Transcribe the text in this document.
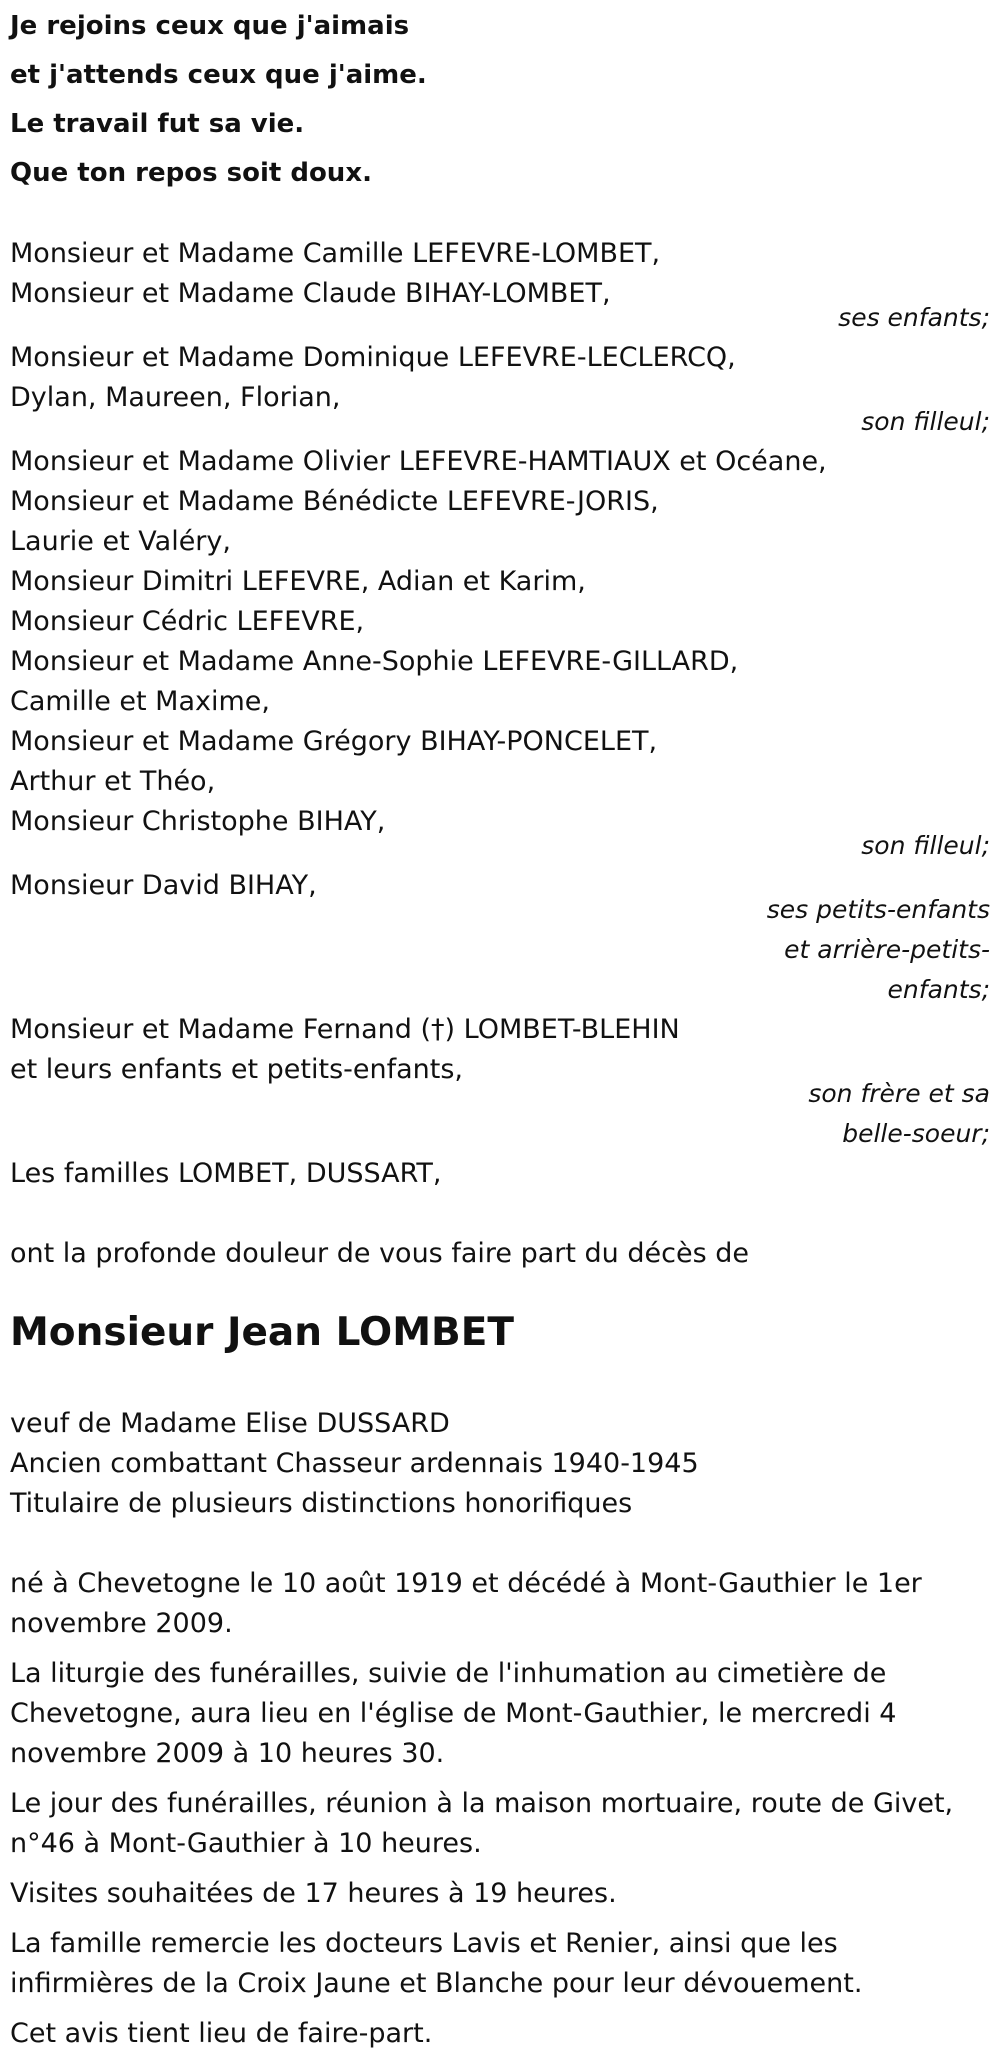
Je rejoins ceux que j'aimais
et j'attends ceux que j'aime.
Le travail fut sa vie.
Que ton repos soit doux.
Monsieur et Madame Camille LEFEVRE-LOMBET,
Monsieur et Madame Claude BIHAY-LOMBET,
ses enfants;
Monsieur et Madame Dominique LEFEVRE-LECLERCQ,
Dylan, Maureen, Florian,
son filleul;
Monsieur et Madame Olivier LEFEVRE-HAMTIAUX et Océane,
Monsieur et Madame Bénédicte LEFEVRE-JORIS,
Laurie et Valéry,
Monsieur Dimitri LEFEVRE, Adian et Karim,
Monsieur Cédric LEFEVRE,
Monsieur et Madame Anne-Sophie LEFEVRE-GILLARD,
Camille et Maxime,
Monsieur et Madame Grégory BIHAY-PONCELET,
Arthur et Théo,
Monsieur Christophe BIHAY,
son filleul;
Monsieur David BIHAY,
ses petits-enfants
et arrière-petits-
enfants;
Monsieur et Madame Fernand (†) LOMBET-BLEHIN
et leurs enfants et petits-enfants,
son frère et sa
belle-soeur;
Les familles LOMBET, DUSSART,
ont la profonde douleur de vous faire part du décès de
Monsieur Jean LOMBET
veuf de Madame Elise DUSSARD
Ancien combattant Chasseur ardennais 1940-1945
Titulaire de plusieurs distinctions honorifiques
né à Chevetogne le 10 août 1919 et décédé à Mont-Gauthier le 1er novembre 2009.
La liturgie des funérailles, suivie de l'inhumation au cimetière de Chevetogne, aura lieu en l'église de Mont-Gauthier, le mercredi 4 novembre 2009 à 10 heures 30.
Le jour des funérailles, réunion à la maison mortuaire, route de Givet, n°46 à Mont-Gauthier à 10 heures.
Visites souhaitées de 17 heures à 19 heures.
La famille remercie les docteurs Lavis et Renier, ainsi que les infirmières de la Croix Jaune et Blanche pour leur dévouement.
Cet avis tient lieu de faire-part.
